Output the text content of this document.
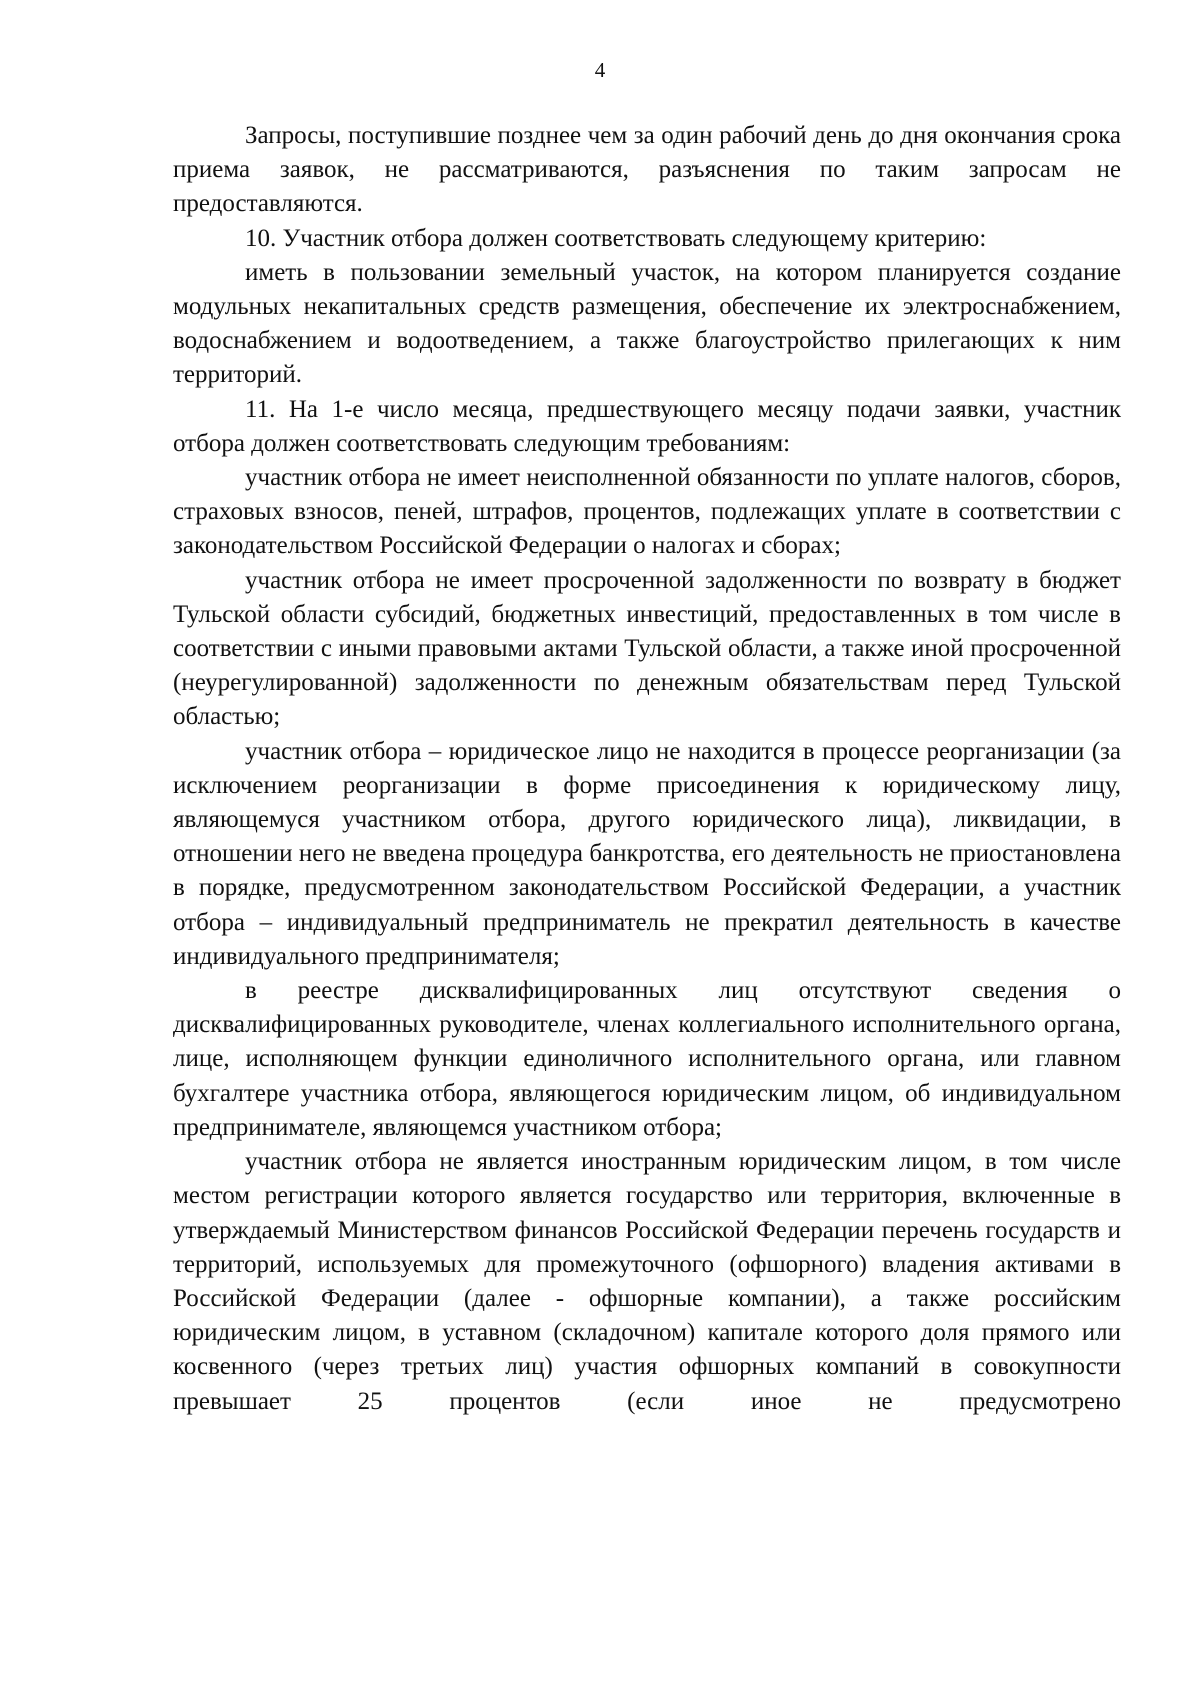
4

Запросы, поступившие позднее чем за один рабочий день до дня окончания срока приема заявок, не рассматриваются, разъяснения по таким запросам не предоставляются.

10. Участник отбора должен соответствовать следующему критерию:

иметь в пользовании земельный участок, на котором планируется создание модульных некапитальных средств размещения, обеспечение их электроснабжением, водоснабжением и водоотведением, а также благоустройство прилегающих к ним территорий.

11. На 1-е число месяца, предшествующего месяцу подачи заявки, участник отбора должен соответствовать следующим требованиям:

участник отбора не имеет неисполненной обязанности по уплате налогов, сборов, страховых взносов, пеней, штрафов, процентов, подлежащих уплате в соответствии с законодательством Российской Федерации о налогах и сборах;

участник отбора не имеет просроченной задолженности по возврату в бюджет Тульской области субсидий, бюджетных инвестиций, предоставленных в том числе в соответствии с иными правовыми актами Тульской области, а также иной просроченной (неурегулированной) задолженности по денежным обязательствам перед Тульской областью;

участник отбора – юридическое лицо не находится в процессе реорганизации (за исключением реорганизации в форме присоединения к юридическому лицу, являющемуся участником отбора, другого юридического лица), ликвидации, в отношении него не введена процедура банкротства, его деятельность не приостановлена в порядке, предусмотренном законодательством Российской Федерации, а участник отбора – индивидуальный предприниматель не прекратил деятельность в качестве индивидуального предпринимателя;

в реестре дисквалифицированных лиц отсутствуют сведения о дисквалифицированных руководителе, членах коллегиального исполнительного органа, лице, исполняющем функции единоличного исполнительного органа, или главном бухгалтере участника отбора, являющегося юридическим лицом, об индивидуальном предпринимателе, являющемся участником отбора;

участник отбора не является иностранным юридическим лицом, в том числе местом регистрации которого является государство или территория, включенные в утверждаемый Министерством финансов Российской Федерации перечень государств и территорий, используемых для промежуточного (офшорного) владения активами в Российской Федерации (далее - офшорные компании), а также российским юридическим лицом, в уставном (складочном) капитале которого доля прямого или косвенного (через третьих лиц) участия офшорных компаний в совокупности превышает 25 процентов (если иное не предусмотрено
